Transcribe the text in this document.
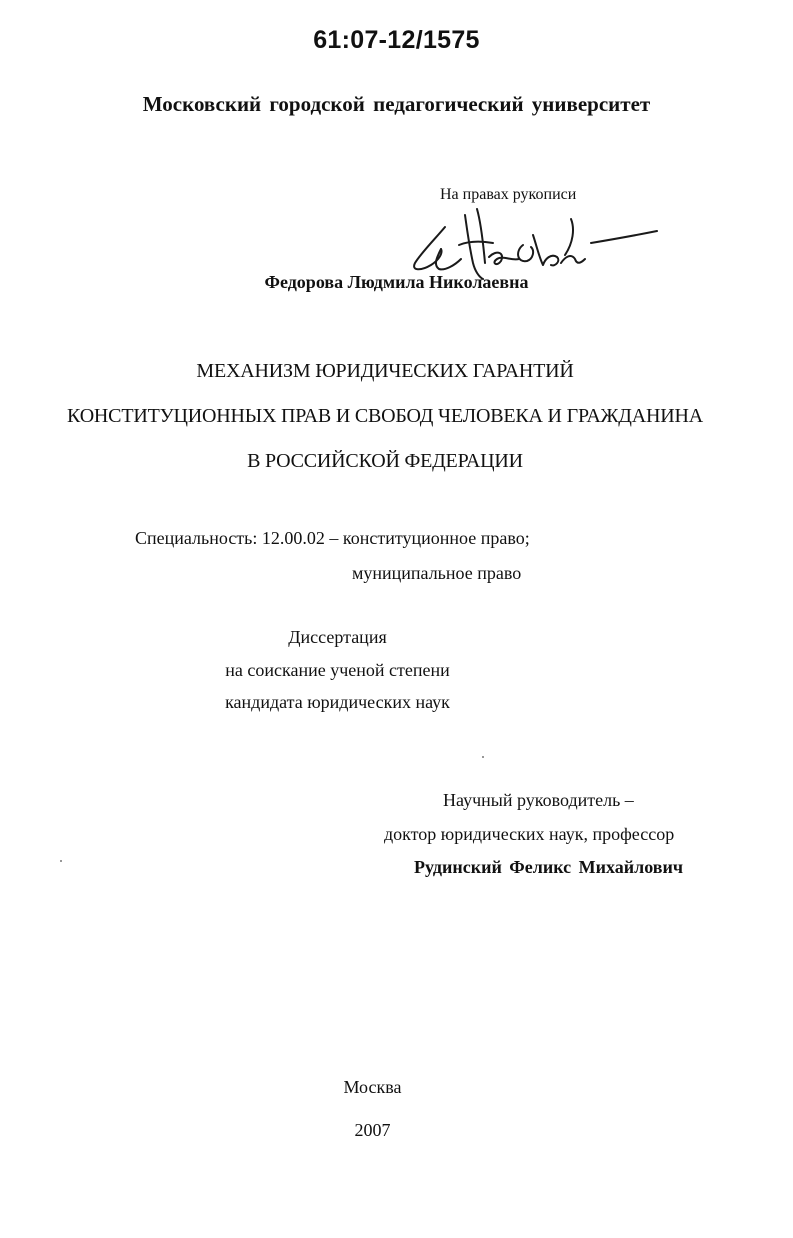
61:07-12/1575
Московский городской педагогический университет
На правах рукописи
Федорова Людмила Николаевна
МЕХАНИЗМ ЮРИДИЧЕСКИХ ГАРАНТИЙ
КОНСТИТУЦИОННЫХ ПРАВ И СВОБОД ЧЕЛОВЕКА И ГРАЖДАНИНА
В РОССИЙСКОЙ ФЕДЕРАЦИИ
Специальность: 12.00.02 – конституционное право;
муниципальное право
Диссертация
на соискание ученой степени
кандидата юридических наук
Научный руководитель –
доктор юридических наук, профессор
Рудинский Феликс Михайлович
Москва
2007
